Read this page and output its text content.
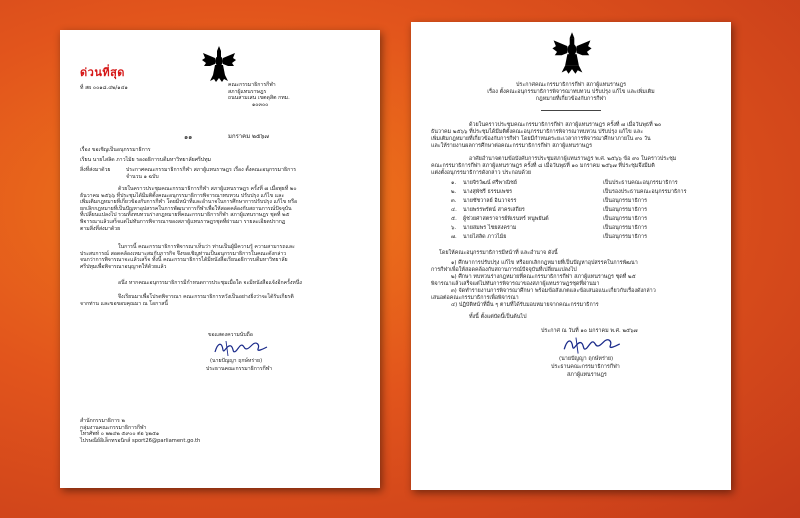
ด่วนที่สุด
ที่ สผ ๐๐๑๘.๔๒/๑๔๑	คณะกรรมาธิการกีฬา
สภาผู้แทนราษฎร
ถนนสามเสน เขตดุสิต กทม.
๑๐๓๐๐
๑๑	มกราคม ๒๕๖๗
เรื่อง ขอเชิญเป็นอนุกรรมาธิการ
เรียน นายไสลิด ภาวไม้ย รองอธิการบดีมหาวิทยาลัยศรีปทุม
สิ่งที่ส่งมาด้วย	ประกาศคณะกรรมาธิการกีฬา สภาผู้แทนราษฎร เรื่อง ตั้งคณะอนุกรรมาธิการ
จำนวน ๑ ฉบับ
ด้วยในคราวประชุมคณะกรรมาธิการกีฬา สภาผู้แทนราษฎร ครั้งที่ ๗ เมื่อพุธที่ ๒๐
ธันวาคม ๒๕๖๖ ที่ประชุมได้มีมติตั้งคณะอนุกรรมาธิการพิจารณาทบทวน ปรับปรุง แก้ไข และ
เพิ่มเติมกฎหมายที่เกี่ยวข้องกับการกีฬา โดยมีหน้าที่และอำนาจในการศึกษาการปรับปรุง แก้ไข หรือ
ยกเลิกกฎหมายที่เป็นปัญหาอุปสรรคในการพัฒนาการกีฬาเพื่อให้สอดคล้องกับสถานการณ์ปัจจุบัน
ที่เปลี่ยนแปลงไป รวมทั้งทบทวนร่างกฎหมายที่คณะกรรมาธิการกีฬา สภาผู้แทนราษฎร ชุดที่ ๒๕
พิจารณาแล้วเสร็จแต่ไม่ทันการพิจารณาของสภาผู้แทนราษฎรชุดที่ผ่านมา รายละเอียดปรากฏ
ตามสิ่งที่ส่งมาด้วย
ในการนี้ คณะกรรมาธิการพิจารณาเห็นว่า ท่านเป็นผู้มีความรู้ ความสามารถและ
ประสบการณ์ สอดคล้องเหมาะสมกับภารกิจ จึงขอเชิญท่านเป็นอนุกรรมาธิการในคณะดังกล่าว
จนกว่าการพิจารณาจะแล้วเสร็จ ทั้งนี้ คณะกรรมาธิการได้มีหนังสือเรียนอธิการบดีมหาวิทยาลัย
ศรีปทุมเพื่อพิจารณาอนุญาตให้ด้วยแล้ว
อนึ่ง หากคณะอนุกรรมาธิการมีกำหนดการประชุมเมื่อใด จะมีหนังสือแจ้งอีกครั้งหนึ่ง
จึงเรียนมาเพื่อโปรดพิจารณา คณะกรรมาธิการหวังเป็นอย่างยิ่งว่าจะได้รับเกียรติ
จากท่าน และขอขอบคุณมา ณ โอกาสนี้
ขอแสดงความนับถือ
(นายปัญญา ฤกษ์หร่าย)
ประธานคณะกรรมาธิการกีฬา
สำนักกรรมาธิการ ๒
กลุ่มงานคณะกรรมาธิการกีฬา
โทรศัพท์ ๐ ๒๒๔๒ ๕๙๐๐ ต่อ ๖๒๕๑
ไปรษณีย์อิเล็กทรอนิกส์ sport26@parliament.go.th
ประกาศคณะกรรมาธิการกีฬา สภาผู้แทนราษฎร
เรื่อง ตั้งคณะอนุกรรมาธิการพิจารณาทบทวน ปรับปรุง แก้ไข และเพิ่มเติม
กฎหมายที่เกี่ยวข้องกับการกีฬา
ด้วยในคราวประชุมคณะกรรมาธิการกีฬา สภาผู้แทนราษฎร ครั้งที่ ๗ เมื่อวันพุธที่ ๒๐
ธันวาคม ๒๕๖๖ ที่ประชุมได้มีมติตั้งคณะอนุกรรมาธิการพิจารณาทบทวน ปรับปรุง แก้ไข และ
เพิ่มเติมกฎหมายที่เกี่ยวข้องกับการกีฬา โดยมีกำหนดระยะเวลาการพิจารณาศึกษาภายใน ๙๐ วัน
และให้รายงานผลการศึกษาต่อคณะกรรมาธิการกีฬา สภาผู้แทนราษฎร
อาศัยอำนาจตามข้อบังคับการประชุมสภาผู้แทนราษฎร พ.ศ. ๒๕๖๖ ข้อ ๙๐ ในคราวประชุม
คณะกรรมาธิการกีฬา สภาผู้แทนราษฎร ครั้งที่ ๘ เมื่อวันพุธที่ ๑๐ มกราคม ๒๕๖๗ ที่ประชุมจึงมีมติ
แต่งตั้งอนุกรรมาธิการดังกล่าว ประกอบด้วย
๑. นายจิรวัฒน์ ศรีพาณิชย์	เป็นประธานคณะอนุกรรมาธิการ
๒. นางสุพัชรี ธรรมเพชร	เป็นรองประธานคณะอนุกรรมาธิการ
๓. นายชัชวาลย์ อินวาจรร	เป็นอนุกรรมาธิการ
๔. นายพรรพรัตน์ สาครเสถียร	เป็นอนุกรรมาธิการ
๕. ผู้ช่วยศาสตราจารย์พิเรนทร์ หนูพยันต์	เป็นอนุกรรมาธิการ
๖. นายสมพร ไชยสงคราม	เป็นอนุกรรมาธิการ
๗. นายไสลิด ภาวไม้ย	เป็นอนุกรรมาธิการ
โดยให้คณะอนุกรรมาธิการมีหน้าที่ และอำนาจ ดังนี้
๑) ศึกษาการปรับปรุง แก้ไข หรือยกเลิกกฎหมายที่เป็นปัญหาอุปสรรคในการพัฒนา
การกีฬาเพื่อให้สอดคล้องกับสถานการณ์ปัจจุบันที่เปลี่ยนแปลงไป
๒) ศึกษา ทบทวนร่างกฎหมายที่คณะกรรมาธิการกีฬา สภาผู้แทนราษฎร ชุดที่ ๒๕
พิจารณาแล้วเสร็จแต่ไม่ทันการพิจารณาของสภาผู้แทนราษฎรชุดที่ผ่านมา
๓) จัดทำรายงานการพิจารณาศึกษา พร้อมข้อสังเกตและข้อเสนอแนะเกี่ยวกับเรื่องดังกล่าว
เสนอต่อคณะกรรมาธิการเพื่อพิจารณา
๔) ปฏิบัติหน้าที่อื่น ๆ ตามที่ได้รับมอบหมายจากคณะกรรมาธิการ
ทั้งนี้ ตั้งแต่บัดนี้เป็นต้นไป
ประกาศ ณ วันที่ ๑๐ มกราคม พ.ศ. ๒๕๖๗
(นายปัญญา ฤกษ์หร่าย)
ประธานคณะกรรมาธิการกีฬา
สภาผู้แทนราษฎร
